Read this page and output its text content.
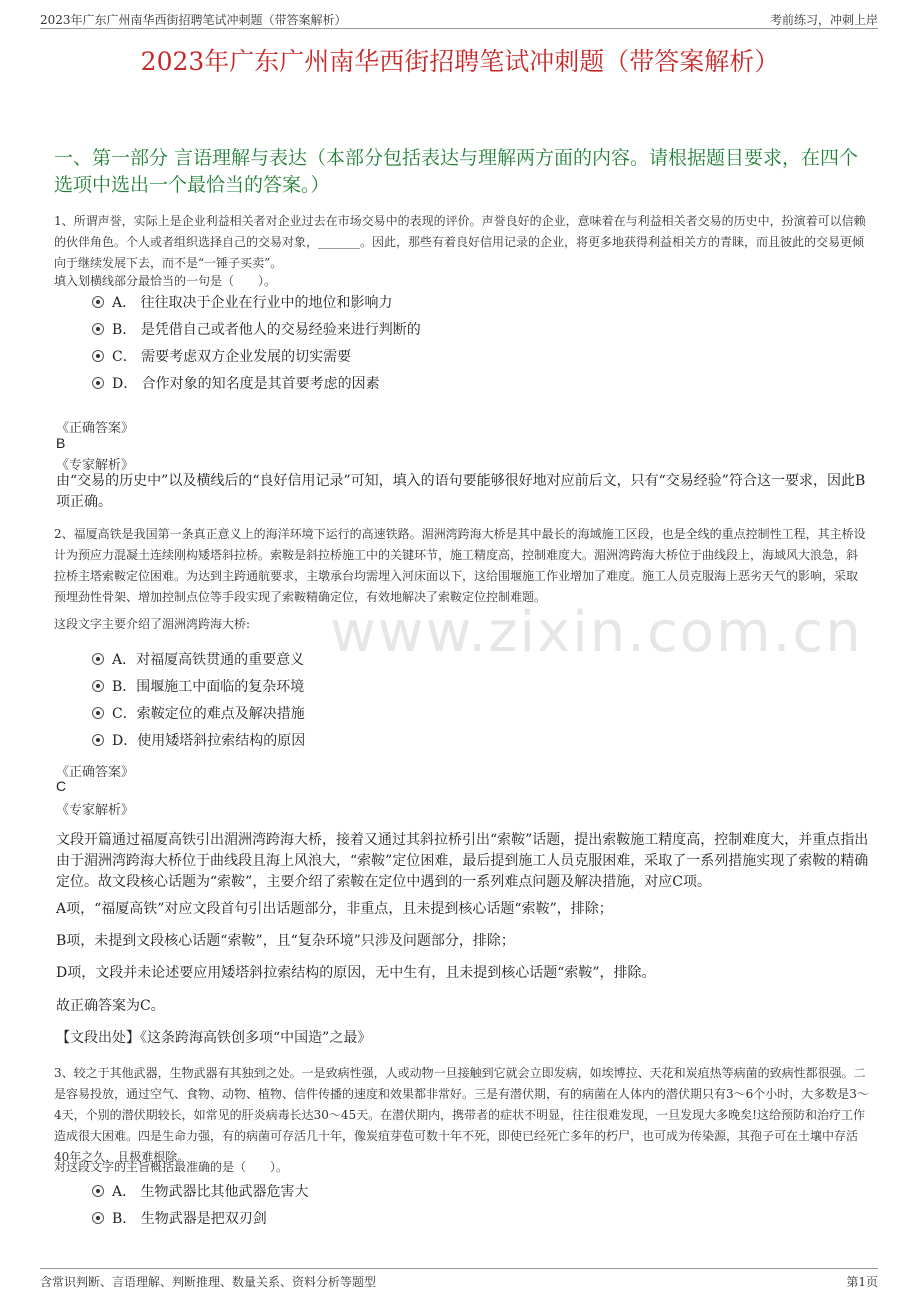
2023年广东广州南华西街招聘笔试冲刺题（带答案解析）	考前练习，冲刺上岸
2023年广东广州南华西街招聘笔试冲刺题（带答案解析）
一、第一部分 言语理解与表达（本部分包括表达与理解两方面的内容。请根据题目要求，在四个选项中选出一个最恰当的答案。）
www.zixin.com.cn
1、所谓声誉，实际上是企业利益相关者对企业过去在市场交易中的表现的评价。声誉良好的企业，意味着在与利益相关者交易的历史中，扮演着可以信赖的伙伴角色。个人或者组织选择自己的交易对象，_______。因此，那些有着良好信用记录的企业，将更多地获得利益相关方的青睐，而且彼此的交易更倾向于继续发展下去，而不是“一锤子买卖”。
填入划横线部分最恰当的一句是（　　）。
A． 往往取决于企业在行业中的地位和影响力
B． 是凭借自己或者他人的交易经验来进行判断的
C． 需要考虑双方企业发展的切实需要
D． 合作对象的知名度是其首要考虑的因素
《正确答案》
B
《专家解析》
由“交易的历史中”以及横线后的“良好信用记录”可知，填入的语句要能够很好地对应前后文，只有“交易经验”符合这一要求，因此B项正确。
2、福厦高铁是我国第一条真正意义上的海洋环境下运行的高速铁路。湄洲湾跨海大桥是其中最长的海域施工区段，也是全线的重点控制性工程，其主桥设计为预应力混凝土连续刚构矮塔斜拉桥。索鞍是斜拉桥施工中的关键环节，施工精度高，控制难度大。湄洲湾跨海大桥位于曲线段上，海域风大浪急，斜拉桥主塔索鞍定位困难。为达到主跨通航要求，主墩承台均需埋入河床面以下，这给围堰施工作业增加了难度。施工人员克服海上恶劣天气的影响，采取预埋劲性骨架、增加控制点位等手段实现了索鞍精确定位，有效地解决了索鞍定位控制难题。
这段文字主要介绍了湄洲湾跨海大桥:
A．对福厦高铁贯通的重要意义
B．围堰施工中面临的复杂环境
C．索鞍定位的难点及解决措施
D．使用矮塔斜拉索结构的原因
《正确答案》
C
《专家解析》
文段开篇通过福厦高铁引出湄洲湾跨海大桥，接着又通过其斜拉桥引出“索鞍”话题，提出索鞍施工精度高，控制难度大，并重点指出由于湄洲湾跨海大桥位于曲线段且海上风浪大，“索鞍”定位困难，最后提到施工人员克服困难，采取了一系列措施实现了索鞍的精确定位。故文段核心话题为“索鞍”，主要介绍了索鞍在定位中遇到的一系列难点问题及解决措施，对应C项。
A项，“福厦高铁”对应文段首句引出话题部分，非重点，且未提到核心话题“索鞍”，排除；
B项，未提到文段核心话题“索鞍”，且“复杂环境”只涉及问题部分，排除；
D项，文段并未论述要应用矮塔斜拉索结构的原因，无中生有，且未提到核心话题“索鞍”，排除。
故正确答案为C。
【文段出处】《这条跨海高铁创多项“中国造”之最》
3、较之于其他武器，生物武器有其独到之处。一是致病性强，人或动物一旦接触到它就会立即发病，如埃博拉、天花和炭疽热等病菌的致病性都很强。二是容易投放，通过空气、食物、动物、植物、信件传播的速度和效果都非常好。三是有潜伏期，有的病菌在人体内的潜伏期只有3～6个小时，大多数是3～4天，个别的潜伏期较长，如常见的肝炎病毒长达30～45天。在潜伏期内，携带者的症状不明显，往往很难发现，一旦发现大多晚矣!这给预防和治疗工作造成很大困难。四是生命力强，有的病菌可存活几十年，像炭疽芽苞可数十年不死，即使已经死亡多年的朽尸，也可成为传染源，其孢子可在土壤中存活40年之久，且极难根除。
对这段文字的主旨概括最准确的是（　　）。
A． 生物武器比其他武器危害大
B． 生物武器是把双刃剑
含常识判断、言语理解、判断推理、数量关系、资料分析等题型	第1页
